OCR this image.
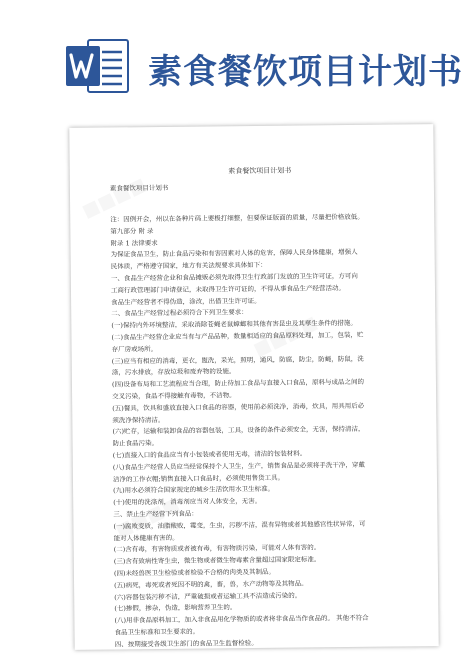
素食餐饮项目计划书

素食餐饮项目计划书

素食餐饮项目计划书

注：因例开会，州以在各种片码上要极打细整，但要保证版面的质量，尽量把价格放低。

第九部分 附 录

附录 1 法律要求

为保证食品卫生，防止食品污染和有害因素对人体的危害，保障人民身体健康，增强人

民体质，严格遵守国家，地方有关法规要求具体如下：

一、食品生产经营企业和食品摊贩必须先取得卫生行政部门发放的卫生许可证，方可向

工商行政管理部门申请登记，未取得卫生许可证的，不得从事食品生产经营活动。

食品生产经营者不得伪造，涂改，出借卫生许可证。

二、食品生产经营过程必须符合下列卫生要求：

(一)保持内外环境整洁，采取消除苍蝇老鼠蟑螂和其他有害昆虫及其孳生条件的措施。

(二)食品生产经营企业应当有与产品品种，数量相适应的食品原料处理，加工，包装，贮

存厂房或场所。

(三)应当有相应的消毒，更衣，盥洗，采光，照明，通风，防腐，防尘，防蝇，防鼠，洗

涤，污水排放，存放垃圾和废弃物的设施。

(四)设备布局和工艺流程应当合理，防止待加工食品与直接入口食品，原料与成品之间的

交叉污染，食品不得接触有毒物，不洁物。

(五)餐具，饮具和盛放直接入口食品的容器，使用前必须洗净，消毒，炊具，用具用后必

须洗净保持清洁。

(六)贮存，运输和装卸食品的容器包装，工具，设备的条件必须安全，无害，保持清洁，

防止食品污染。

(七)直接入口的食品应当有小包装或者使用无毒，清洁的包装材料。

(八)食品生产经营人员应当经常保持个人卫生，生产，销售食品是必须将手洗干净，穿戴

洁净的工作衣帽;销售直接入口食品时，必须使用售货工具。

(九)用水必须符合国家规定的城乡生活饮用水卫生标准。

(十)使用的洗涤剂，消毒剂应当对人体安全，无害。

三、禁止生产经营下列食品：

(一)腐败变质，油脂酸败，霉变，生虫，污秽不洁，混有异物或者其他感官性状异常，可

能对人体健康有害的。

(二)含有毒，有害物质或者被有毒，有害物质污染，可能对人体有害的。

(三)含有致病性寄生虫，微生物或者微生物毒素含量超过国家限定标准。

(四)未经兽医卫生检验或者检验不合格的肉类及其制品。

(五)病死，毒死或者死因不明的禽，畜，兽，水产动物等及其物品。

(六)容器包装污秽不洁，严重破损或者运输工具不洁造成污染的。

(七)掺假，掺杂，伪造，影响营养卫生的。

(八)用非食品原料加工，加入非食品用化学物质的或者将非食品当作食品的。 其他不符合

食品卫生标准和卫生要求的。

四、按期接受各级卫生部门的食品卫生监督检验。
